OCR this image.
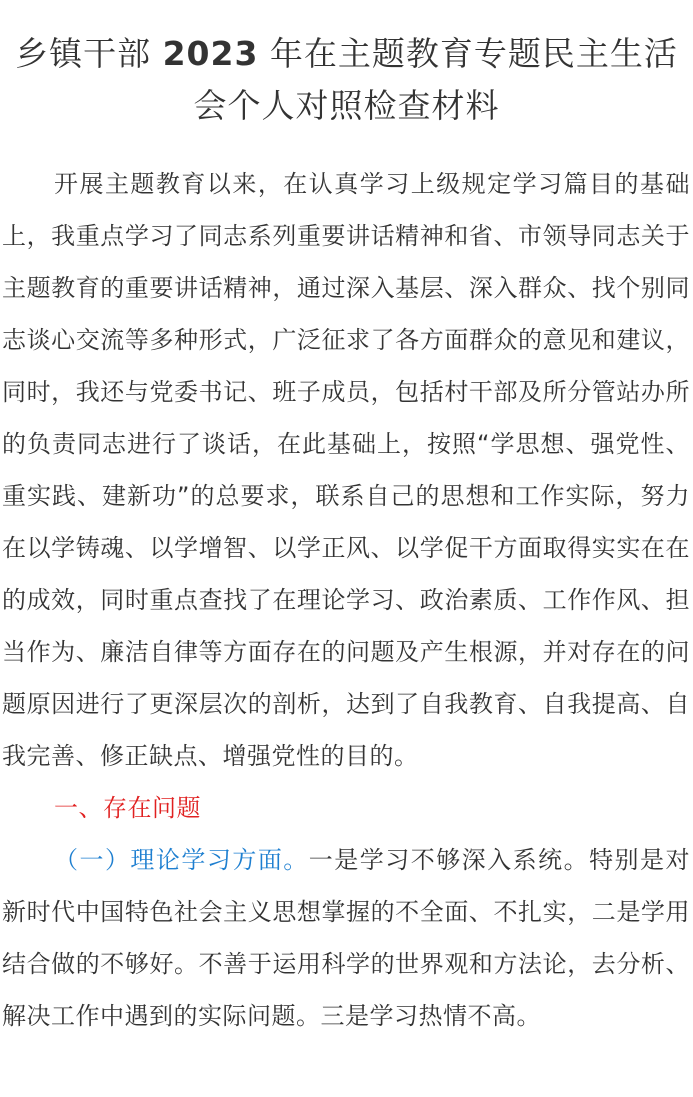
乡镇干部 2023 年在主题教育专题民主生活
会个人对照检查材料

开展主题教育以来，在认真学习上级规定学习篇目的基础上，我重点学习了同志系列重要讲话精神和省、市领导同志关于主题教育的重要讲话精神，通过深入基层、深入群众、找个别同志谈心交流等多种形式，广泛征求了各方面群众的意见和建议，同时，我还与党委书记、班子成员，包括村干部及所分管站办所的负责同志进行了谈话，在此基础上，按照“学思想、强党性、重实践、建新功”的总要求，联系自己的思想和工作实际，努力在以学铸魂、以学增智、以学正风、以学促干方面取得实实在在的成效，同时重点查找了在理论学习、政治素质、工作作风、担当作为、廉洁自律等方面存在的问题及产生根源，并对存在的问题原因进行了更深层次的剖析，达到了自我教育、自我提高、自我完善、修正缺点、增强党性的目的。

一、存在问题

（一）理论学习方面。一是学习不够深入系统。特别是对新时代中国特色社会主义思想掌握的不全面、不扎实，二是学用结合做的不够好。不善于运用科学的世界观和方法论，去分析、解决工作中遇到的实际问题。三是学习热情不高。
